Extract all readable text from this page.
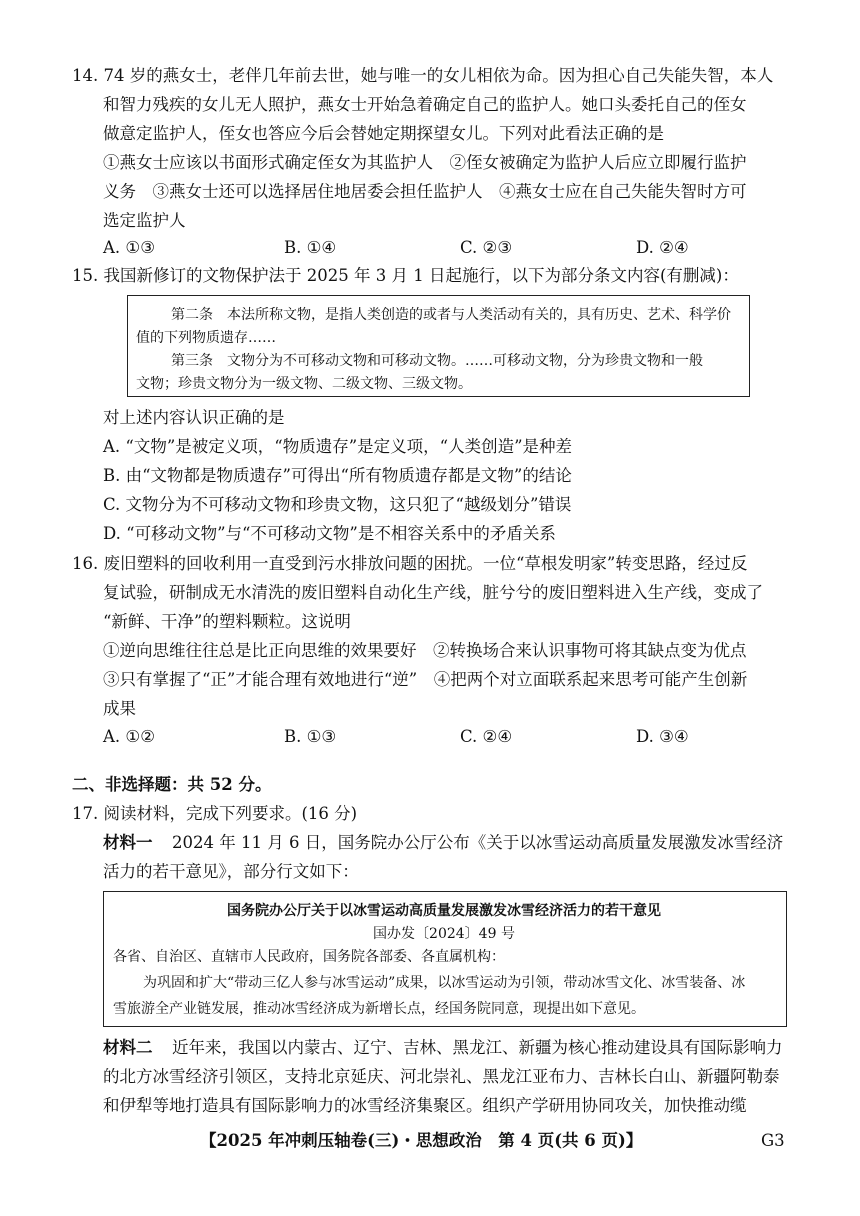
14. 74 岁的燕女士，老伴几年前去世，她与唯一的女儿相依为命。因为担心自己失能失智，本人
和智力残疾的女儿无人照护，燕女士开始急着确定自己的监护人。她口头委托自己的侄女
做意定监护人，侄女也答应今后会替她定期探望女儿。下列对此看法正确的是
①燕女士应该以书面形式确定侄女为其监护人　②侄女被确定为监护人后应立即履行监护
义务　③燕女士还可以选择居住地居委会担任监护人　④燕女士应在自己失能失智时方可
选定监护人
A. ①③	B. ①④	C. ②③	D. ②④
15. 我国新修订的文物保护法于 2025 年 3 月 1 日起施行，以下为部分条文内容(有删减)：
第二条　本法所称文物，是指人类创造的或者与人类活动有关的，具有历史、艺术、科学价
值的下列物质遗存……
第三条　文物分为不可移动文物和可移动文物。……可移动文物，分为珍贵文物和一般
文物；珍贵文物分为一级文物、二级文物、三级文物。
对上述内容认识正确的是
A. “文物”是被定义项，“物质遗存”是定义项，“人类创造”是种差
B. 由“文物都是物质遗存”可得出“所有物质遗存都是文物”的结论
C. 文物分为不可移动文物和珍贵文物，这只犯了“越级划分”错误
D. “可移动文物”与“不可移动文物”是不相容关系中的矛盾关系
16. 废旧塑料的回收利用一直受到污水排放问题的困扰。一位“草根发明家”转变思路，经过反
复试验，研制成无水清洗的废旧塑料自动化生产线，脏兮兮的废旧塑料进入生产线，变成了
“新鲜、干净”的塑料颗粒。这说明
①逆向思维往往总是比正向思维的效果要好　②转换场合来认识事物可将其缺点变为优点
③只有掌握了“正”才能合理有效地进行“逆”　④把两个对立面联系起来思考可能产生创新
成果
A. ①②	B. ①③	C. ②④	D. ③④
二、非选择题：共 52 分。
17. 阅读材料，完成下列要求。(16 分)
材料一 2024 年 11 月 6 日，国务院办公厅公布《关于以冰雪运动高质量发展激发冰雪经济
活力的若干意见》，部分行文如下：
国务院办公厅关于以冰雪运动高质量发展激发冰雪经济活力的若干意见
国办发〔2024〕49 号
各省、自治区、直辖市人民政府，国务院各部委、各直属机构：
为巩固和扩大“带动三亿人参与冰雪运动”成果，以冰雪运动为引领，带动冰雪文化、冰雪装备、冰
雪旅游全产业链发展，推动冰雪经济成为新增长点，经国务院同意，现提出如下意见。
材料二 近年来，我国以内蒙古、辽宁、吉林、黑龙江、新疆为核心推动建设具有国际影响力
的北方冰雪经济引领区，支持北京延庆、河北崇礼、黑龙江亚布力、吉林长白山、新疆阿勒泰
和伊犁等地打造具有国际影响力的冰雪经济集聚区。组织产学研用协同攻关，加快推动缆
【2025 年冲刺压轴卷(三)・思想政治　第 4 页(共 6 页)】	G3
